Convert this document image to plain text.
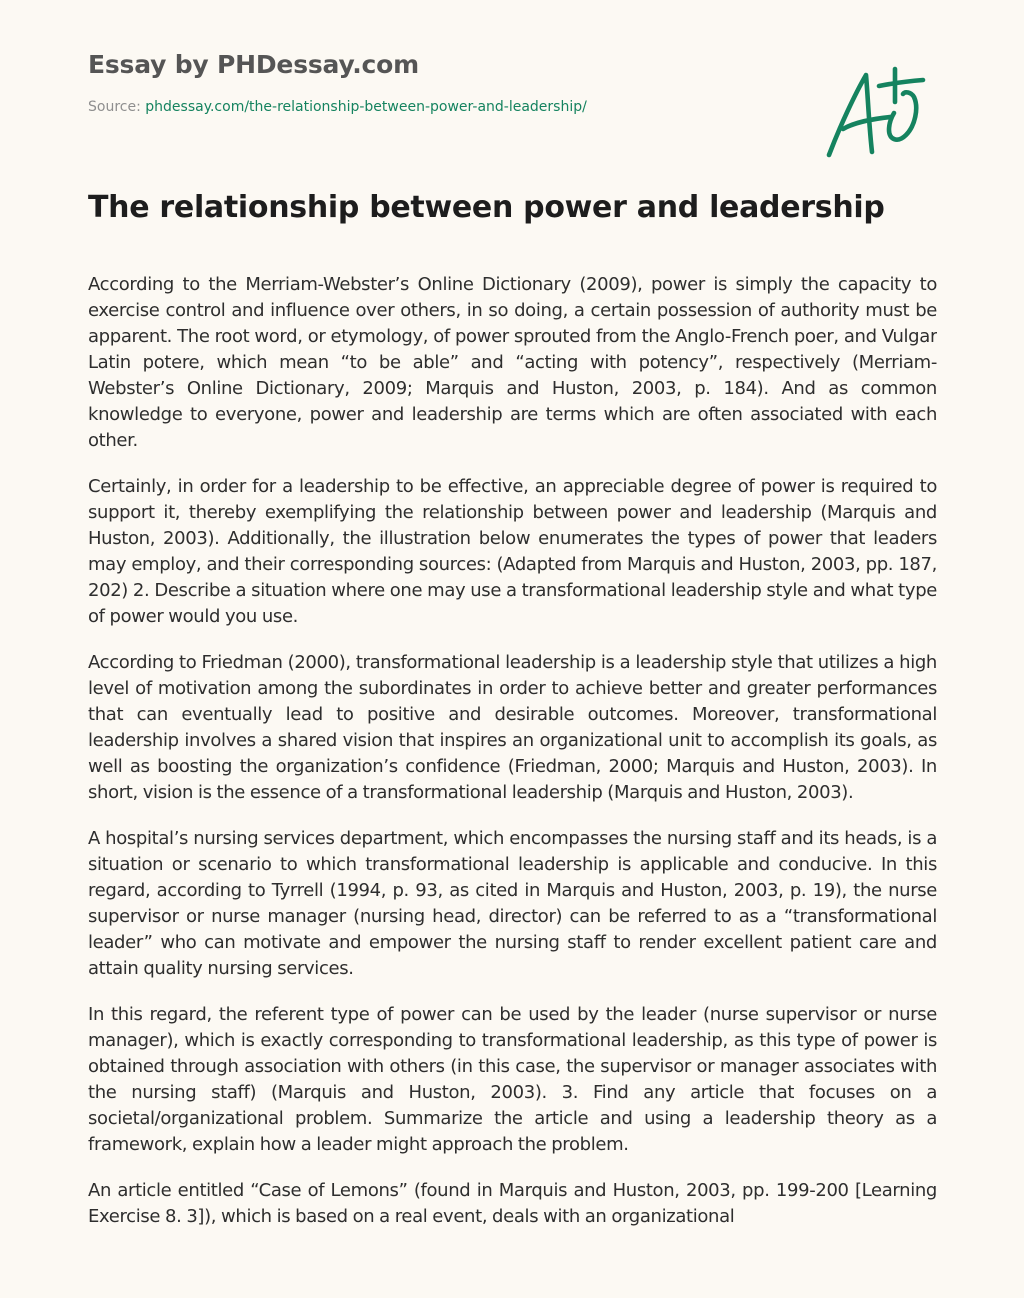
Essay by PHDessay.com
Source: phdessay.com/the-relationship-between-power-and-leadership/
The relationship between power and leadership

According to the Merriam-Webster’s Online Dictionary (2009), power is simply the capacity to exercise control and influence over others, in so doing, a certain possession of authority must be apparent. The root word, or etymology, of power sprouted from the Anglo-French poer, and Vulgar Latin potere, which mean “to be able” and “acting with potency”, respectively (Merriam-Webster’s Online Dictionary, 2009; Marquis and Huston, 2003, p. 184). And as common knowledge to everyone, power and leadership are terms which are often associated with each other.

Certainly, in order for a leadership to be effective, an appreciable degree of power is required to support it, thereby exemplifying the relationship between power and leadership (Marquis and Huston, 2003). Additionally, the illustration below enumerates the types of power that leaders may employ, and their corresponding sources: (Adapted from Marquis and Huston, 2003, pp. 187, 202) 2. Describe a situation where one may use a transformational leadership style and what type of power would you use.

According to Friedman (2000), transformational leadership is a leadership style that utilizes a high level of motivation among the subordinates in order to achieve better and greater performances that can eventually lead to positive and desirable outcomes. Moreover, transformational leadership involves a shared vision that inspires an organizational unit to accomplish its goals, as well as boosting the organization’s confidence (Friedman, 2000; Marquis and Huston, 2003). In short, vision is the essence of a transformational leadership (Marquis and Huston, 2003).

A hospital’s nursing services department, which encompasses the nursing staff and its heads, is a situation or scenario to which transformational leadership is applicable and conducive. In this regard, according to Tyrrell (1994, p. 93, as cited in Marquis and Huston, 2003, p. 19), the nurse supervisor or nurse manager (nursing head, director) can be referred to as a “transformational leader” who can motivate and empower the nursing staff to render excellent patient care and attain quality nursing services.

In this regard, the referent type of power can be used by the leader (nurse supervisor or nurse manager), which is exactly corresponding to transformational leadership, as this type of power is obtained through association with others (in this case, the supervisor or manager associates with the nursing staff) (Marquis and Huston, 2003). 3. Find any article that focuses on a societal/organizational problem. Summarize the article and using a leadership theory as a framework, explain how a leader might approach the problem.

An article entitled “Case of Lemons” (found in Marquis and Huston, 2003, pp. 199-200 [Learning Exercise 8. 3]), which is based on a real event, deals with an organizational
